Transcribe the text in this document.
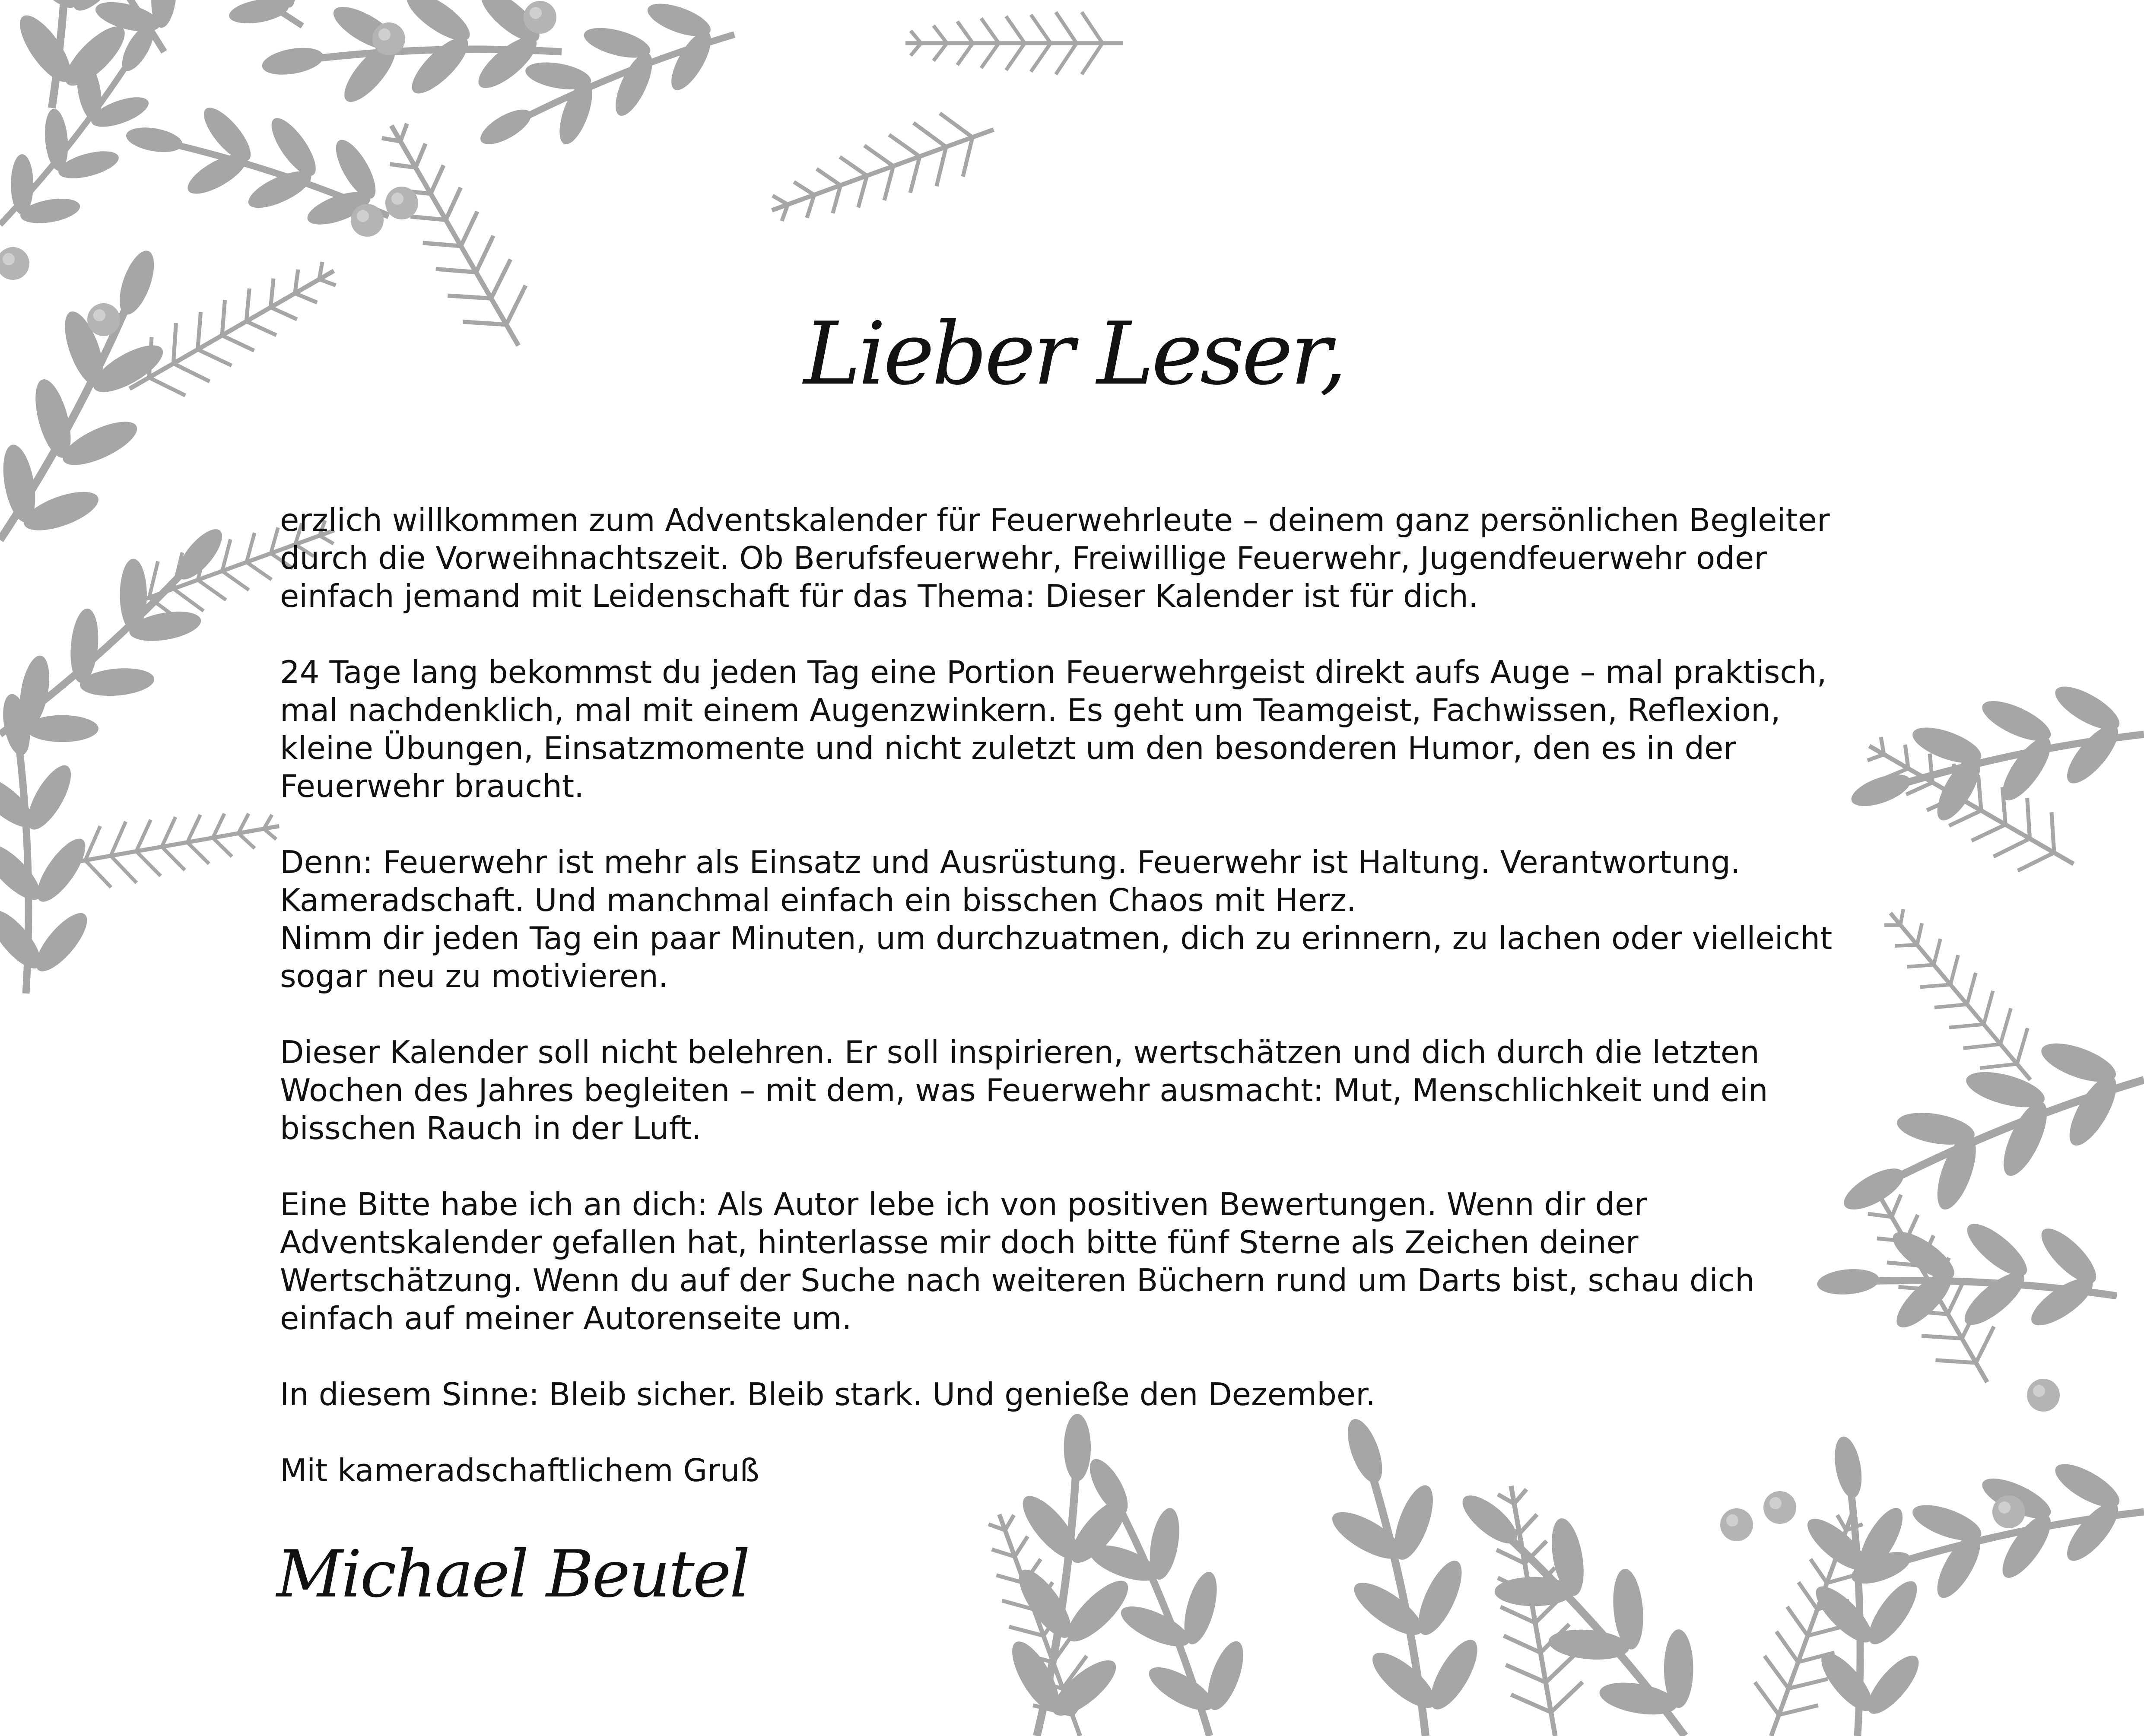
Lieber Leser,

erzlich willkommen zum Adventskalender für Feuerwehrleute – deinem ganz persönlichen Begleiter durch die Vorweihnachtszeit. Ob Berufsfeuerwehr, Freiwillige Feuerwehr, Jugendfeuerwehr oder einfach jemand mit Leidenschaft für das Thema: Dieser Kalender ist für dich.

24 Tage lang bekommst du jeden Tag eine Portion Feuerwehrgeist direkt aufs Auge – mal praktisch, mal nachdenklich, mal mit einem Augenzwinkern. Es geht um Teamgeist, Fachwissen, Reflexion, kleine Übungen, Einsatzmomente und nicht zuletzt um den besonderen Humor, den es in der Feuerwehr braucht.

Denn: Feuerwehr ist mehr als Einsatz und Ausrüstung. Feuerwehr ist Haltung. Verantwortung. Kameradschaft. Und manchmal einfach ein bisschen Chaos mit Herz.
Nimm dir jeden Tag ein paar Minuten, um durchzuatmen, dich zu erinnern, zu lachen oder vielleicht sogar neu zu motivieren.

Dieser Kalender soll nicht belehren. Er soll inspirieren, wertschätzen und dich durch die letzten Wochen des Jahres begleiten – mit dem, was Feuerwehr ausmacht: Mut, Menschlichkeit und ein bisschen Rauch in der Luft.

Eine Bitte habe ich an dich: Als Autor lebe ich von positiven Bewertungen. Wenn dir der Adventskalender gefallen hat, hinterlasse mir doch bitte fünf Sterne als Zeichen deiner Wertschätzung. Wenn du auf der Suche nach weiteren Büchern rund um Darts bist, schau dich einfach auf meiner Autorenseite um.

In diesem Sinne: Bleib sicher. Bleib stark. Und genieße den Dezember.

Mit kameradschaftlichem Gruß

Michael Beutel
